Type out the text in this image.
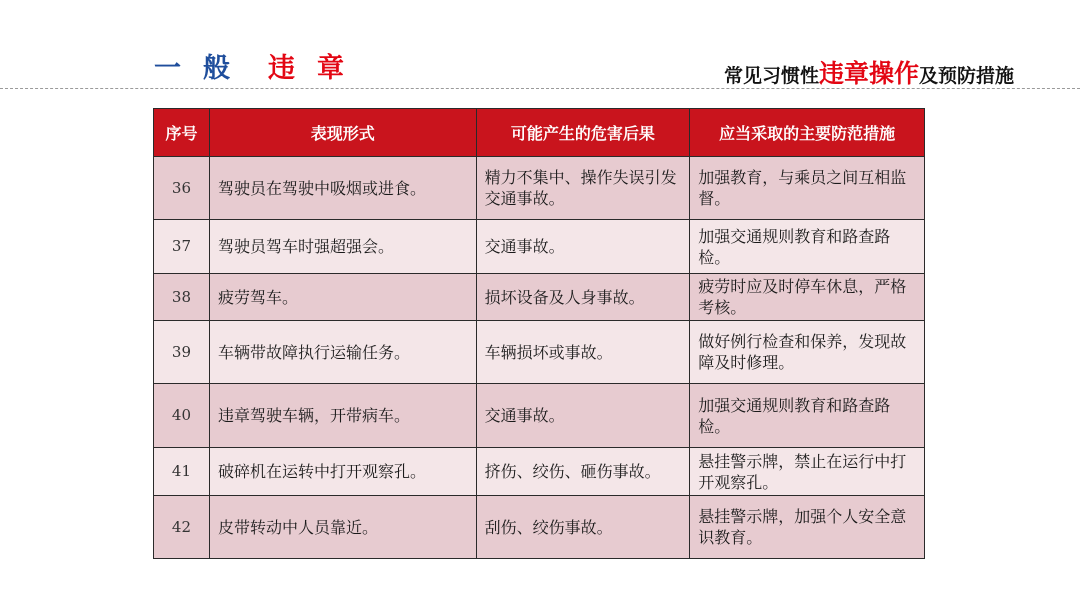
一 般 违 章	常见习惯性 违章操作 及预防措施
序号	表现形式	可能产生的危害后果	应当采取的主要防范措施
36	驾驶员在驾驶中吸烟或进食。	精力不集中、操作失误引发交通事故。	加强教育，与乘员之间互相监督。
37	驾驶员驾车时强超强会。	交通事故。	加强交通规则教育和路查路检。
38	疲劳驾车。	损坏设备及人身事故。	疲劳时应及时停车休息，严格考核。
39	车辆带故障执行运输任务。	车辆损坏或事故。	做好例行检查和保养，发现故障及时修理。
40	违章驾驶车辆，开带病车。	交通事故。	加强交通规则教育和路查路检。
41	破碎机在运转中打开观察孔。	挤伤、绞伤、砸伤事故。	悬挂警示牌，禁止在运行中打开观察孔。
42	皮带转动中人员靠近。	刮伤、绞伤事故。	悬挂警示牌，加强个人安全意识教育。
